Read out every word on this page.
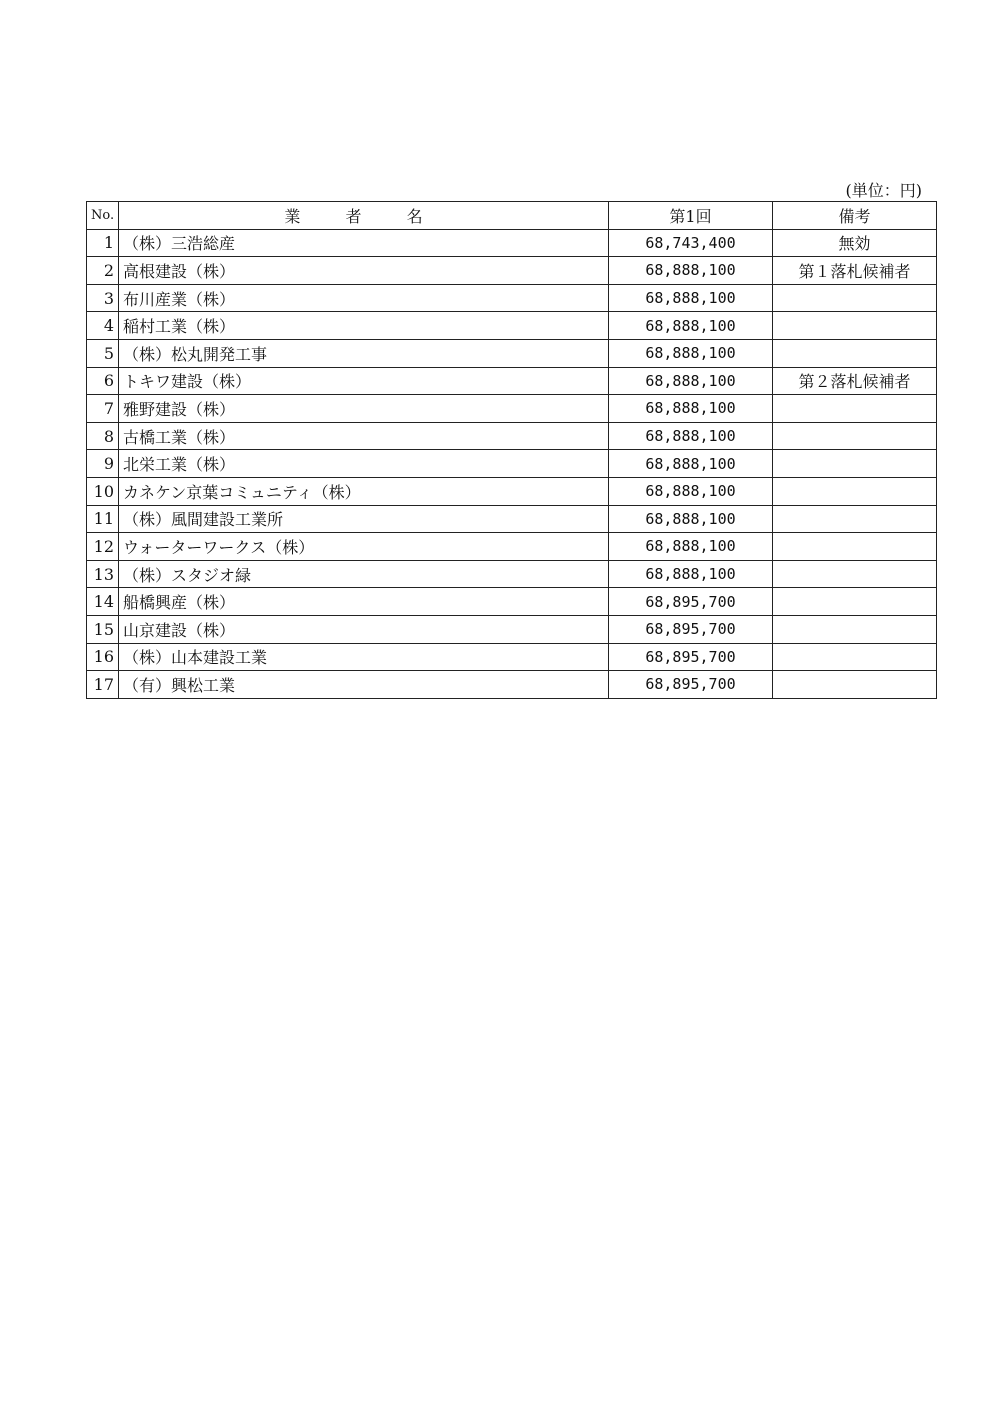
(単位：円)
No.	業 者 名	第1回	備考
1	（株）三浩総産	68,743,400	無効
2	高根建設（株）	68,888,100	第１落札候補者
3	布川産業（株）	68,888,100	
4	稲村工業（株）	68,888,100	
5	（株）松丸開発工事	68,888,100	
6	トキワ建設（株）	68,888,100	第２落札候補者
7	雅野建設（株）	68,888,100	
8	古橋工業（株）	68,888,100	
9	北栄工業（株）	68,888,100	
10	カネケン京葉コミュニティ（株）	68,888,100	
11	（株）風間建設工業所	68,888,100	
12	ウォーターワークス（株）	68,888,100	
13	（株）スタジオ緑	68,888,100	
14	船橋興産（株）	68,895,700	
15	山京建設（株）	68,895,700	
16	（株）山本建設工業	68,895,700	
17	（有）興松工業	68,895,700	
